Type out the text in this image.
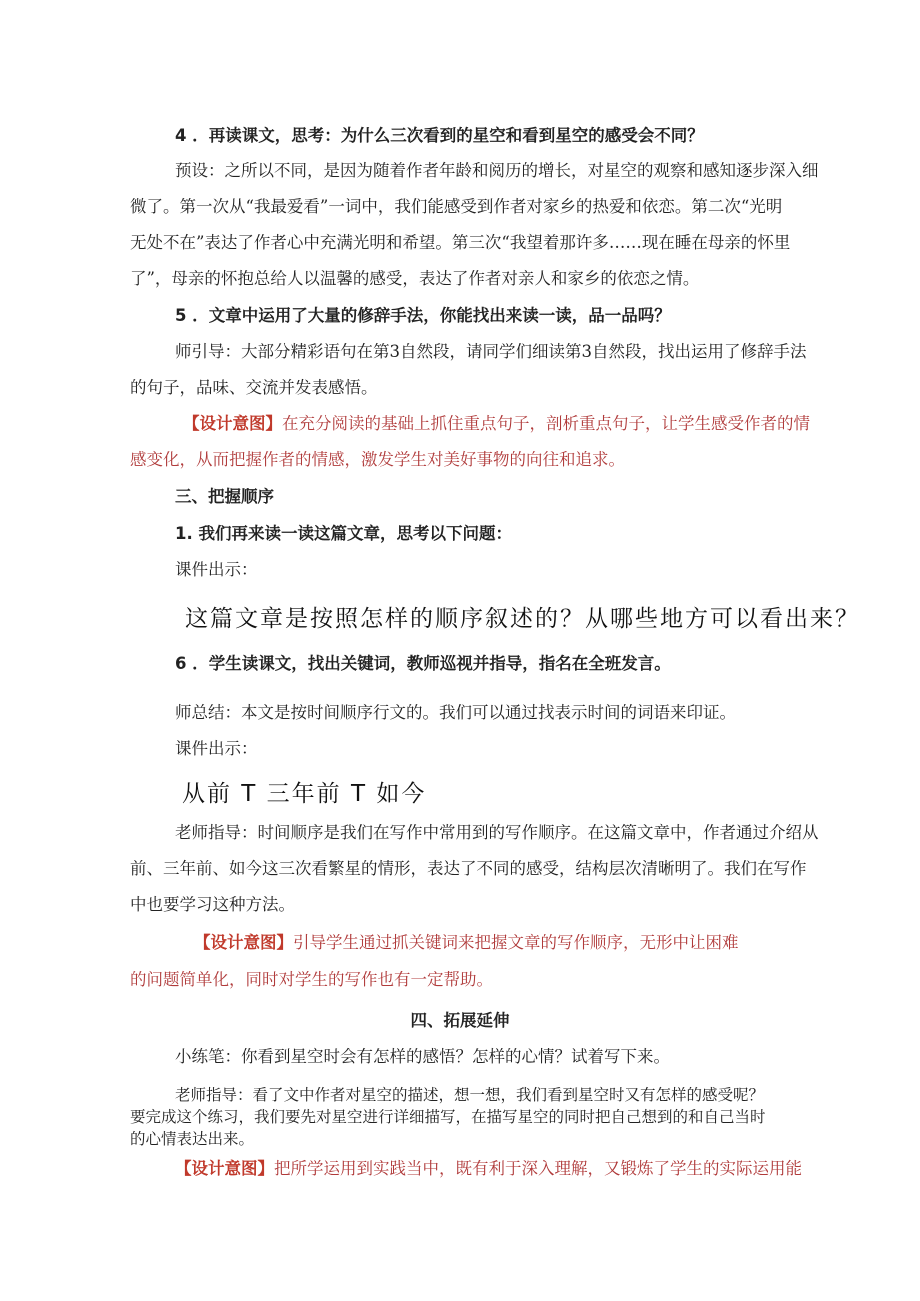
4 ．再读课文，思考：为什么三次看到的星空和看到星空的感受会不同？
预设：之所以不同，是因为随着作者年龄和阅历的增长，对星空的观察和感知逐步深入细
微了。第一次从“我最爱看”一词中，我们能感受到作者对家乡的热爱和依恋。第二次“光明
无处不在”表达了作者心中充满光明和希望。第三次“我望着那许多……现在睡在母亲的怀里
了”，母亲的怀抱总给人以温馨的感受，表达了作者对亲人和家乡的依恋之情。
5 ．文章中运用了大量的修辞手法，你能找出来读一读，品一品吗？
师引导：大部分精彩语句在第3自然段，请同学们细读第3自然段，找出运用了修辞手法
的句子，品味、交流并发表感悟。
【设计意图】在充分阅读的基础上抓住重点句子，剖析重点句子，让学生感受作者的情
感变化，从而把握作者的情感，激发学生对美好事物的向往和追求。
三、把握顺序
1. 我们再来读一读这篇文章，思考以下问题：
课件出示：
这篇文章是按照怎样的顺序叙述的？从哪些地方可以看出来？
6 ．学生读课文，找出关键词，教师巡视并指导，指名在全班发言。
师总结：本文是按时间顺序行文的。我们可以通过找表示时间的词语来印证。
课件出示：
从前 T 三年前 T 如今
老师指导：时间顺序是我们在写作中常用到的写作顺序。在这篇文章中，作者通过介绍从
前、三年前、如今这三次看繁星的情形，表达了不同的感受，结构层次清晰明了。我们在写作
中也要学习这种方法。
【设计意图】引导学生通过抓关键词来把握文章的写作顺序，无形中让困难
的问题简单化，同时对学生的写作也有一定帮助。
四、拓展延伸
小练笔：你看到星空时会有怎样的感悟？怎样的心情？试着写下来。
老师指导：看了文中作者对星空的描述，想一想，我们看到星空时又有怎样的感受呢？
要完成这个练习，我们要先对星空进行详细描写，在描写星空的同时把自己想到的和自己当时
的心情表达出来。
【设计意图】把所学运用到实践当中，既有利于深入理解，又锻炼了学生的实际运用能
